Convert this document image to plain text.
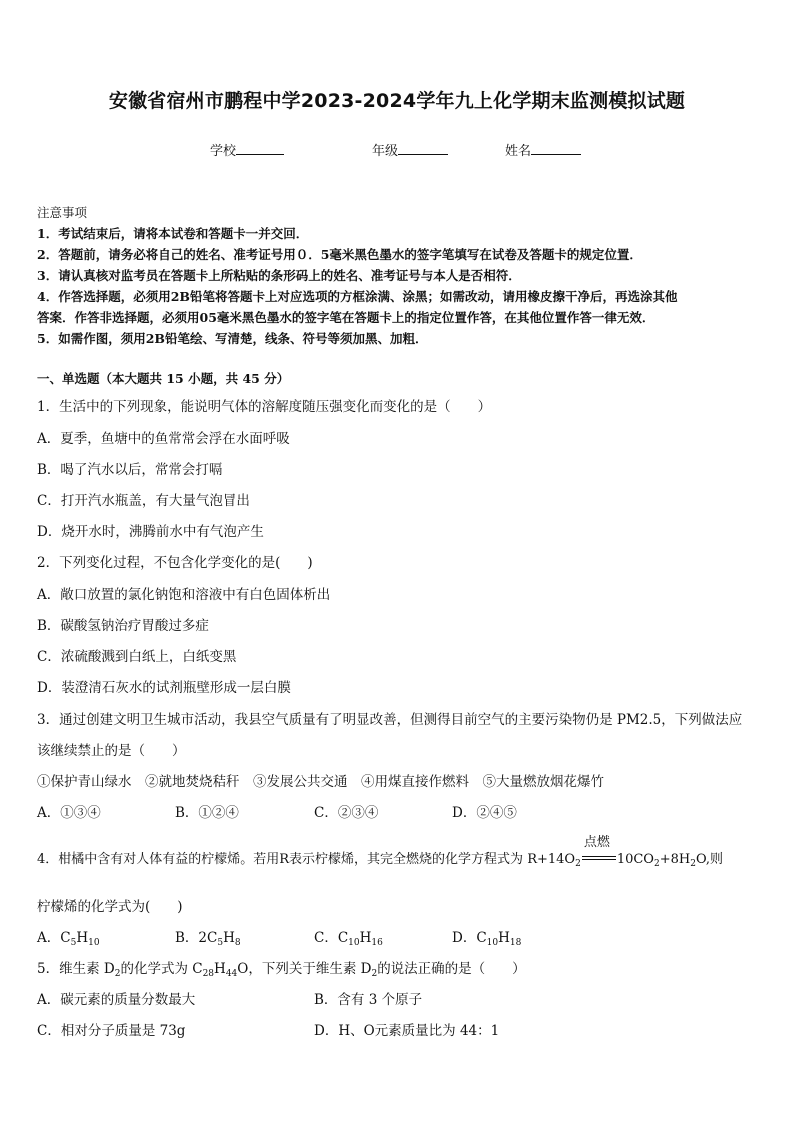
安徽省宿州市鹏程中学2023-2024学年九上化学期末监测模拟试题
学校	年级	姓名
注意事项
1．考试结束后，请将本试卷和答题卡一并交回．
2．答题前，请务必将自己的姓名、准考证号用０．5毫米黑色墨水的签字笔填写在试卷及答题卡的规定位置．
3．请认真核对监考员在答题卡上所粘贴的条形码上的姓名、准考证号与本人是否相符．
4．作答选择题，必须用2B铅笔将答题卡上对应选项的方框涂满、涂黑；如需改动，请用橡皮擦干净后，再选涂其他
答案．作答非选择题，必须用05毫米黑色墨水的签字笔在答题卡上的指定位置作答，在其他位置作答一律无效．
5．如需作图，须用2B铅笔绘、写清楚，线条、符号等须加黑、加粗．
一、单选题（本大题共 15 小题，共 45 分）
1．生活中的下列现象，能说明气体的溶解度随压强变化而变化的是（　　）
A．夏季，鱼塘中的鱼常常会浮在水面呼吸
B．喝了汽水以后，常常会打嗝
C．打开汽水瓶盖，有大量气泡冒出
D．烧开水时，沸腾前水中有气泡产生
2．下列变化过程，不包含化学变化的是(　　)
A．敞口放置的氯化钠饱和溶液中有白色固体析出
B．碳酸氢钠治疗胃酸过多症
C．浓硫酸溅到白纸上，白纸变黑
D．装澄清石灰水的试剂瓶壁形成一层白膜
3．通过创建文明卫生城市活动，我县空气质量有了明显改善，但测得目前空气的主要污染物仍是 PM2.5，下列做法应
该继续禁止的是（　　）
①保护青山绿水　②就地焚烧秸秆　③发展公共交通　④用煤直接作燃料　⑤大量燃放烟花爆竹
A．①③④	B．①②④	C．②③④	D．②④⑤
4．柑橘中含有对人体有益的柠檬烯。若用R表示柠檬烯，其完全燃烧的化学方程式为 $R+14O_2$
点燃
$10CO_2+8H_2O$,则
柠檬烯的化学式为(　　)
A．$C_5H_{10}$	B．$2C_5H_8$	C．$C_{10}H_{16}$	D．$C_{10}H_{18}$
5．维生素 $D_2$的化学式为 $C_{28}H_{44}O$，下列关于维生素 $D_2$的说法正确的是（　　）
A．碳元素的质量分数最大	B．含有 3 个原子
C．相对分子质量是 73g	D．H、O元素质量比为 44：1
